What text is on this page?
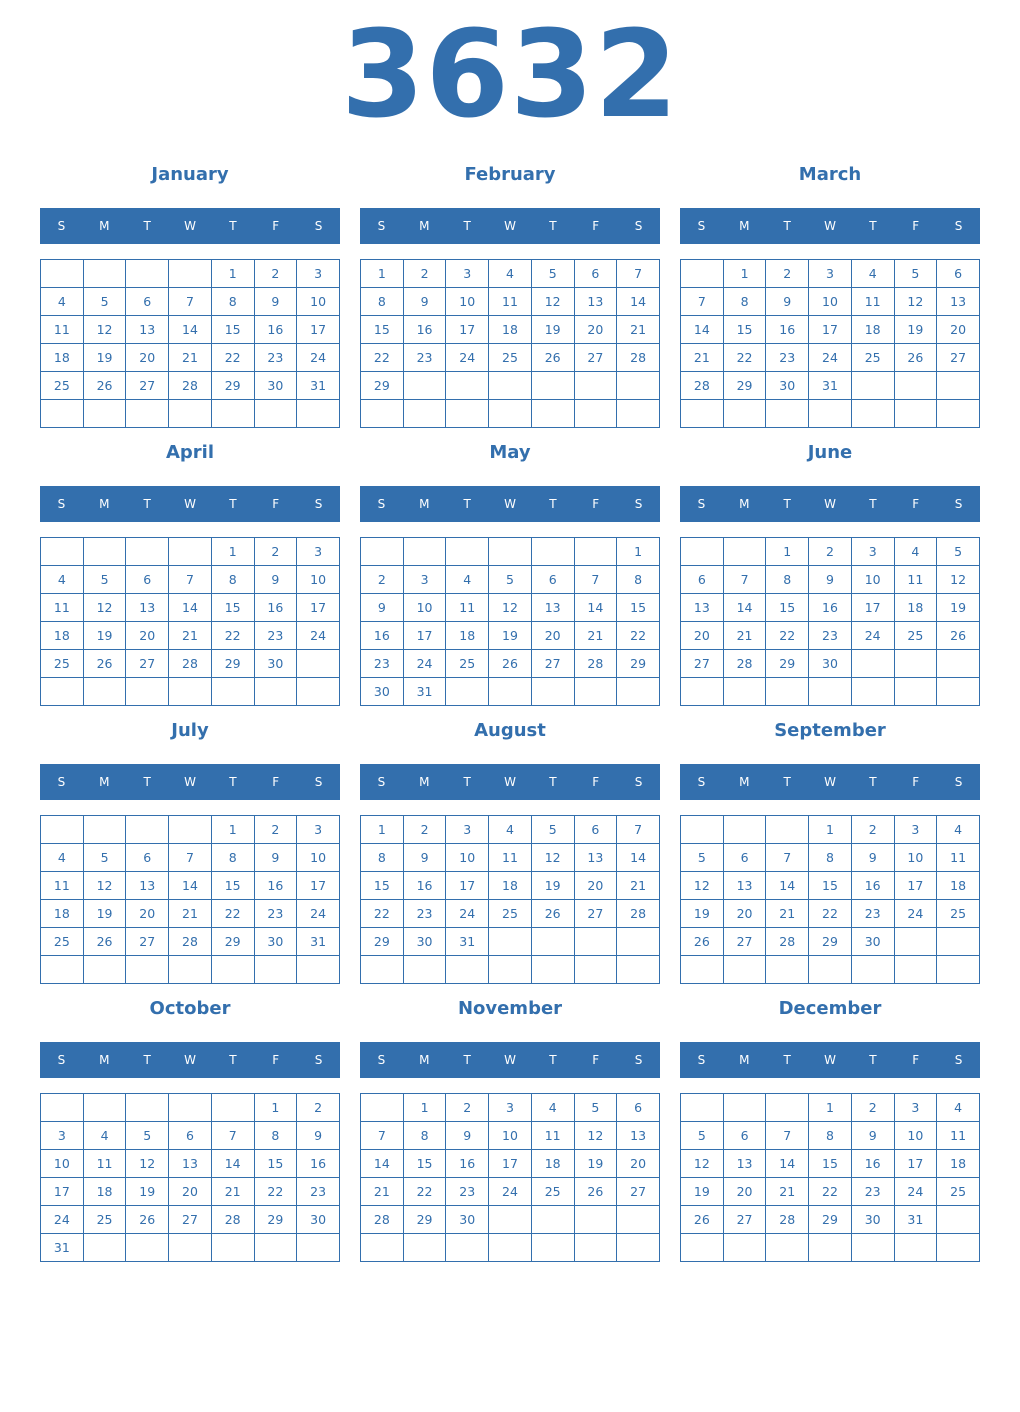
3632
January
S	M	T	W	T	F	S
				1	2	3
4	5	6	7	8	9	10
11	12	13	14	15	16	17
18	19	20	21	22	23	24
25	26	27	28	29	30	31

February
S	M	T	W	T	F	S
1	2	3	4	5	6	7
8	9	10	11	12	13	14
15	16	17	18	19	20	21
22	23	24	25	26	27	28
29						

March
S	M	T	W	T	F	S
	1	2	3	4	5	6
7	8	9	10	11	12	13
14	15	16	17	18	19	20
21	22	23	24	25	26	27
28	29	30	31			

April
S	M	T	W	T	F	S
				1	2	3
4	5	6	7	8	9	10
11	12	13	14	15	16	17
18	19	20	21	22	23	24
25	26	27	28	29	30	

May
S	M	T	W	T	F	S
						1
2	3	4	5	6	7	8
9	10	11	12	13	14	15
16	17	18	19	20	21	22
23	24	25	26	27	28	29
30	31					
June
S	M	T	W	T	F	S
		1	2	3	4	5
6	7	8	9	10	11	12
13	14	15	16	17	18	19
20	21	22	23	24	25	26
27	28	29	30			

July
S	M	T	W	T	F	S
				1	2	3
4	5	6	7	8	9	10
11	12	13	14	15	16	17
18	19	20	21	22	23	24
25	26	27	28	29	30	31

August
S	M	T	W	T	F	S
1	2	3	4	5	6	7
8	9	10	11	12	13	14
15	16	17	18	19	20	21
22	23	24	25	26	27	28
29	30	31				

September
S	M	T	W	T	F	S
			1	2	3	4
5	6	7	8	9	10	11
12	13	14	15	16	17	18
19	20	21	22	23	24	25
26	27	28	29	30		

October
S	M	T	W	T	F	S
					1	2
3	4	5	6	7	8	9
10	11	12	13	14	15	16
17	18	19	20	21	22	23
24	25	26	27	28	29	30
31						
November
S	M	T	W	T	F	S
	1	2	3	4	5	6
7	8	9	10	11	12	13
14	15	16	17	18	19	20
21	22	23	24	25	26	27
28	29	30				

December
S	M	T	W	T	F	S
			1	2	3	4
5	6	7	8	9	10	11
12	13	14	15	16	17	18
19	20	21	22	23	24	25
26	27	28	29	30	31	
